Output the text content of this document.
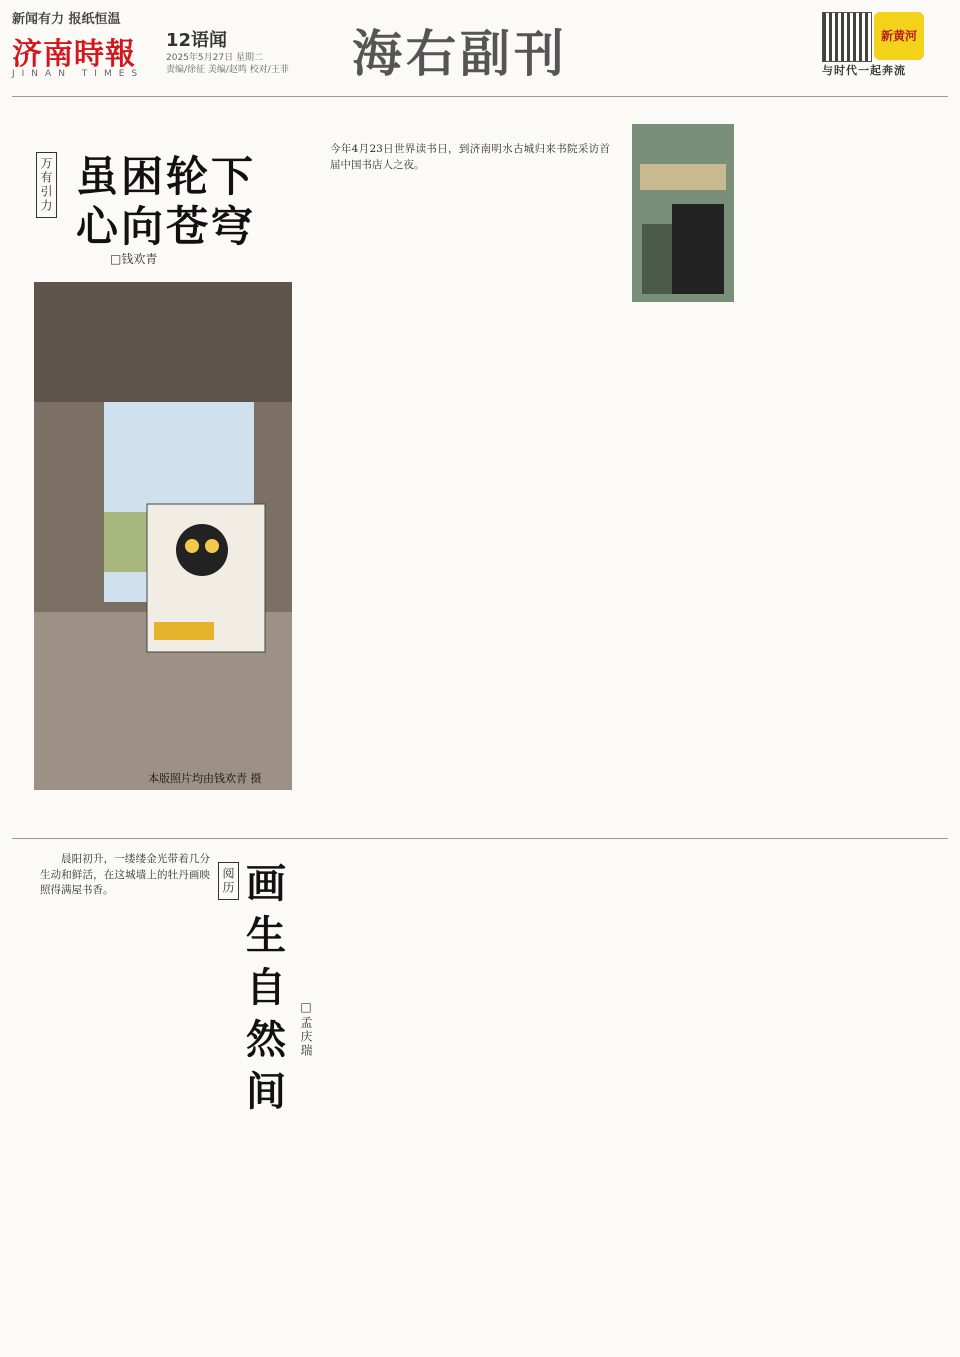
新闻有力 报纸恒温
济南時報
JINAN TIMES
12语闻
2025年5月27日 星期二
责编/徐征 美编/赵鸣 校对/王菲	海右副刊	新黄河
与时代一起奔流
万有引力 虽困轮下
心向苍穹
□钱欢青
本版照片均由钱欢青 摄

今年4月23日世界读书日，到济南明水古城归来书院采访首届中国书店人之夜。

阅历 画生自然间
□孟庆瑞

晨阳初升，一缕缕金光带着几分生动和鲜活，在这城墙上的牡丹画映照得满屋书香。
